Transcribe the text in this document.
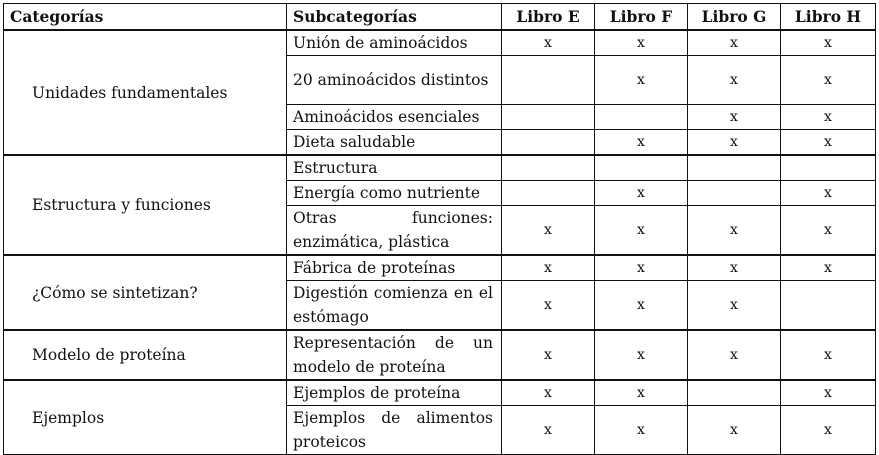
Categorías	Subcategorías	Libro E	Libro F	Libro G	Libro H
Unidades fundamentales	Unión de aminoácidos	x	x	x	x
	20 aminoácidos distintos		x	x	x
	Aminoácidos esenciales			x	x
	Dieta saludable		x	x	x
Estructura y funciones	Estructura				
	Energía como nutriente		x		x
	Otras funciones: enzimática, plástica	x	x	x	x
¿Cómo se sintetizan?	Fábrica de proteínas	x	x	x	x
	Digestión comienza en el estómago	x	x	x	
Modelo de proteína	Representación de un modelo de proteína	x	x	x	x
Ejemplos	Ejemplos de proteína	x	x		x
	Ejemplos de alimentos proteicos	x	x	x	x
